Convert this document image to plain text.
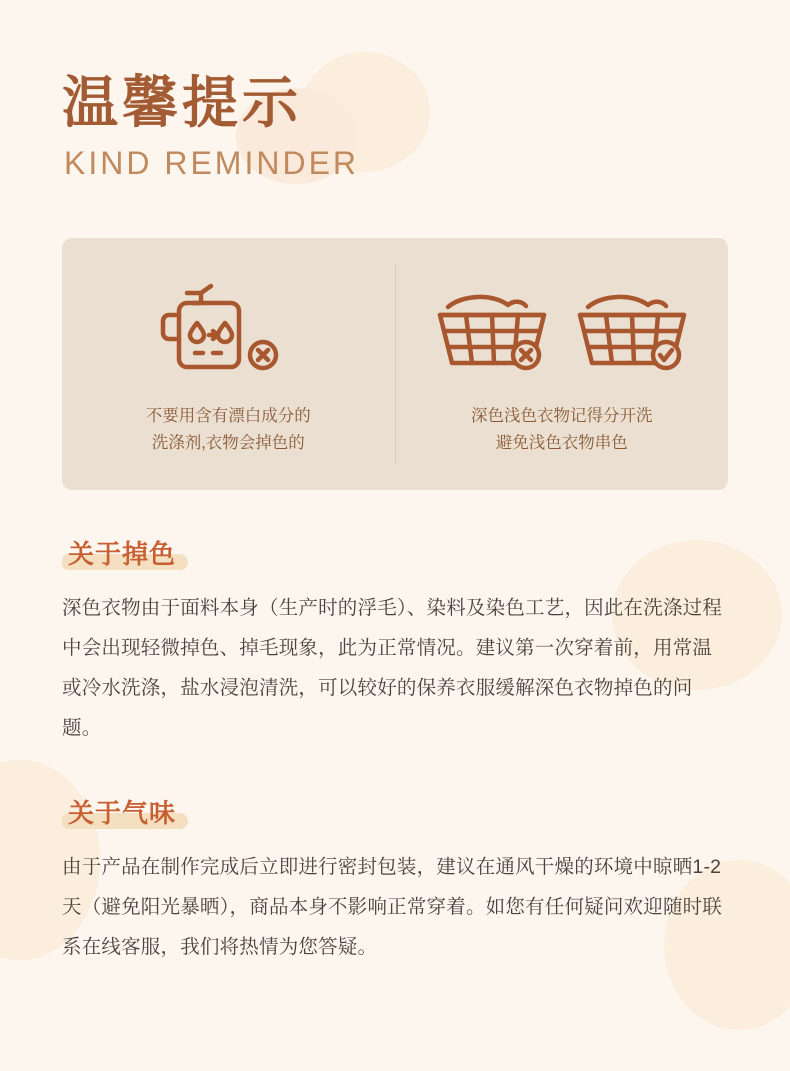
温馨提示
KIND REMINDER
不要用含有漂白成分的
洗涤剂,衣物会掉色的
深色浅色衣物记得分开洗
避免浅色衣物串色
关于掉色

深色衣物由于面料本身（生产时的浮毛）、染料及染色工艺，因此在洗涤过程中会出现轻微掉色、掉毛现象，此为正常情况。建议第一次穿着前，用常温或冷水洗涤，盐水浸泡清洗，可以较好的保养衣服缓解深色衣物掉色的问题。

关于气味

由于产品在制作完成后立即进行密封包装，建议在通风干燥的环境中晾晒1-2天（避免阳光暴晒），商品本身不影响正常穿着。如您有任何疑问欢迎随时联系在线客服，我们将热情为您答疑。
